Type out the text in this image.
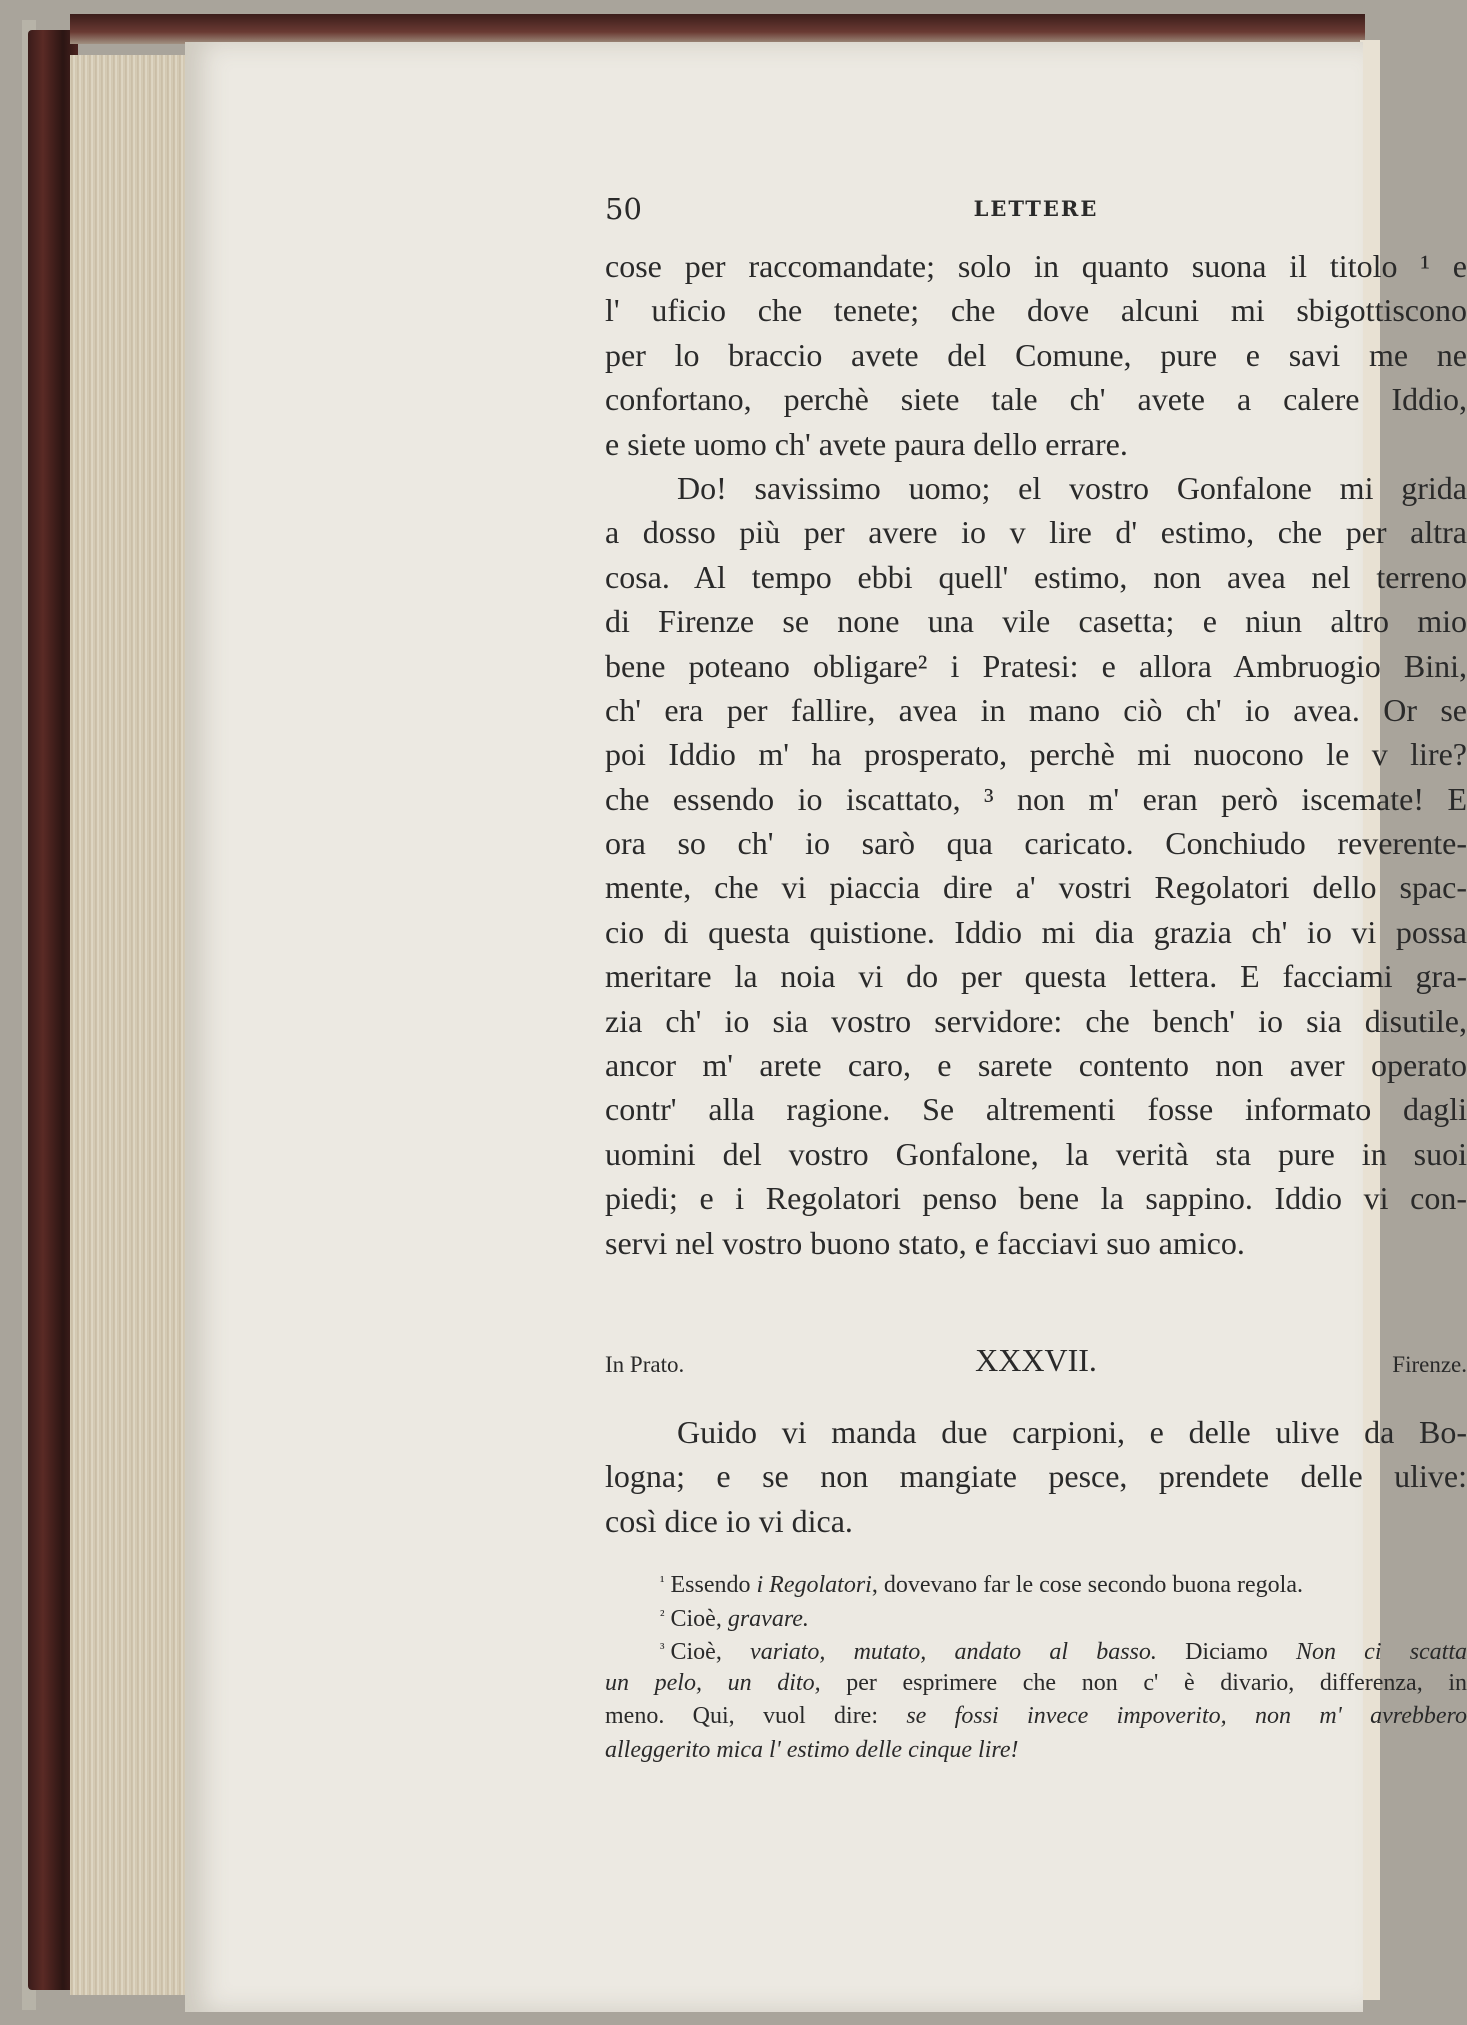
50	LETTERE
cose per raccomandate; solo in quanto suona il titolo ¹ e
l' uficio che tenete; che dove alcuni mi sbigottiscono
per lo braccio avete del Comune, pure e savi me ne
confortano, perchè siete tale ch' avete a calere Iddio,
e siete uomo ch' avete paura dello errare.
Do! savissimo uomo; el vostro Gonfalone mi grida
a dosso più per avere io v lire d' estimo, che per altra
cosa. Al tempo ebbi quell' estimo, non avea nel terreno
di Firenze se none una vile casetta; e niun altro mio
bene poteano obligare² i Pratesi: e allora Ambruogio Bini,
ch' era per fallire, avea in mano ciò ch' io avea. Or se
poi Iddio m' ha prosperato, perchè mi nuocono le v lire?
che essendo io iscattato, ³ non m' eran però iscemate! E
ora so ch' io sarò qua caricato. Conchiudo reverente-
mente, che vi piaccia dire a' vostri Regolatori dello spac-
cio di questa quistione. Iddio mi dia grazia ch' io vi possa
meritare la noia vi do per questa lettera. E facciami gra-
zia ch' io sia vostro servidore: che bench' io sia disutile,
ancor m' arete caro, e sarete contento non aver operato
contr' alla ragione. Se altrementi fosse informato dagli
uomini del vostro Gonfalone, la verità sta pure in suoi
piedi; e i Regolatori penso bene la sappino. Iddio vi con-
servi nel vostro buono stato, e facciavi suo amico.
In Prato.	XXXVII.	Firenze.
Guido vi manda due carpioni, e delle ulive da Bo-
logna; e se non mangiate pesce, prendete delle ulive:
così dice io vi dica.
$^{^1}$ Essendo i Regolatori, dovevano far le cose secondo buona regola.
$^{^2}$ Cioè, gravare.
$^{^3}$ Cioè, variato, mutato, andato al basso. Diciamo Non ci scatta
un pelo, un dito, per esprimere che non c' è divario, differenza, in
meno. Qui, vuol dire: se fossi invece impoverito, non m' avrebbero
alleggerito mica l' estimo delle cinque lire!
